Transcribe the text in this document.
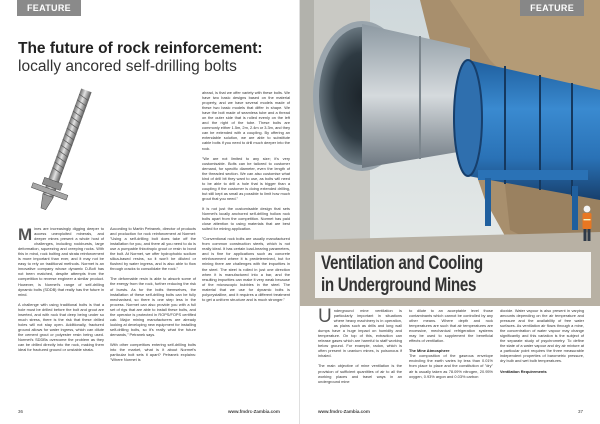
FEATURE
The future of rock reinforcement:
locally ancored self-drilling bolts

Mines are increasingly digging deeper to access unexploited minerals, and deeper mines present a whole host of challenges, including rockbursts, large deformation, squeezing and creeping rocks. With this in mind, rock bolting and strata reinforcement is more important than ever, and it may not be easy to rely on traditional methods. Normet is an innovative company whose dynamic D-Bolt has not been matched, despite attempts from the competition to reverse engineer a similar product. However, is Normet's range of self-drilling dynamic bolts (SDDB) that really has the future in mind.

A challenge with using traditional bolts is that a hole must be drilled before the bolt and grout are inserted, and with rock that deep being under so much stress, there is the risk that these drilled holes will not stay open. Additionally, fractured ground allows for water ingress, which can dilute the cement grout or polyester resin being used. Normet's SDDBs overcome the problem as they can be drilled directly into the rock, making them ideal for fractured ground or unstable strata.

According to Martin Petranek, director of products and production for rock reinforcement at Normet: "Using a self-drilling bolt does take off the installation for you, and there all you need to do is use a pumpable thixotropic grout or resin to bond the bolt. At Normet, we offer hydrophobic sodium silica-based resins, so it won't be diluted or flushed by water ingress, and is also able to flow through cracks to consolidate the rock."

The deformable resin is able to absorb some of the energy from the rock, further reducing the risk of bursts. As for the bolts themselves, the installation of these self-drilling bolts can be fully mechanised, so there is one step less in the process. Normet can also provide you with a full set of rigs that are able to install these bolts, and the operator is protected in ROPS/FOPS certified cab. Major mining manufacturers are already looking at developing new equipment for installing self-drilling bolts, so it's really what the future demands," Petranek says.

With other competitors entering self-drilling bolts into the market, what is it about Normet's particular bolt sets it apart? Petranek explains: "Where Normet is

ahead, is that we offer variety with these bolts. We have two basic designs based on the material property, and we have several models made of these two basic models that differ in shape. We have the bolt made of seamless tube and a thread on the outer side that is rolled evenly on the left and the right of the tube. These bolts are commonly either 1.5m, 2m, 2.4m or 3.3m, and they can be extended with a coupling. By offering an extendable solution, we are able to substitute cable bolts if you need to drill much deeper into the rock.

"We are not limited to any size; it's very customisable. Bolts can be tailored to customer demand, for specific diameter, even the length of the threaded section. We can also customise what kind of drill bit they want to use, as bolts will need to be able to drill a hole that is bigger than a coupling if the customer is doing extended drilling, but still kept as small as possible to limit how much grout that you need."

It is not just the customisable design that sets Normet's locally anchored self-drilling hollow rock bolts apart from the competition. Normet has paid close attention to using materials that are best suited for mining application.

"Conventional rock bolts are usually manufactured from common construction steels, which is not really ideal. It has certain load-bearing parameters, and is fine for applications such as concrete reinforcement where it is predetermined, but for mining there are challenges with the impurities in the steel. The steel is rolled in just one direction when it is manufactured into a bar, and the resulting impurities can make it very weak because of the microscopic bubbles in the steel. The material that we use for dynamic bolts is polycrystalline, and it requires a different treatment to get a uniform structure and is much stronger."

36	www.fmdrc-Zambia.com
FEATURE
Ventilation and Cooling
in Underground Mines

Underground mine ventilation is particularly important in situations where heavy machinery is in operation, as plains such as drills and long wall dumps have a huge impact on humidity and temperature. On top of this, extraction can release gases which are harmful to staff working below ground. For example, radon, which is often present in uranium mines, is poisonous if inhaled.

The main objective of mine ventilation is the provision of sufficient quantities of air to all the working places and travel ways in an underground mine

to dilute to an acceptable level those contaminants which cannot be controlled by any other means. Where depth and rock temperatures are such that air temperatures are excessive, mechanical refrigeration systems may be used to supplement the beneficial effects of ventilation.

The Mine Atmosphere

The composition of the gaseous envelope encircling the earth varies by less than 0.01% from place to place and the constitution of "dry" air is usually taken as 78.09% nitrogen, 20.95% oxygen, 0.93% argon and 0.03% carbon

dioxide. Water vapour is also present in varying amounts depending on the air temperature and pressure and the availability of free water surfaces. As ventilation air flows through a mine, the concentration of water vapour may change significantly and this variation is the subject of the separate study of psychrometry. To define the state of a water vapour and dry air mixture at a particular point requires the three measurable independent properties of barometric pressure, dry bulb and wet bulb temperatures.

Ventilation Requirements
www.fmdrc-Zambia.com	37
